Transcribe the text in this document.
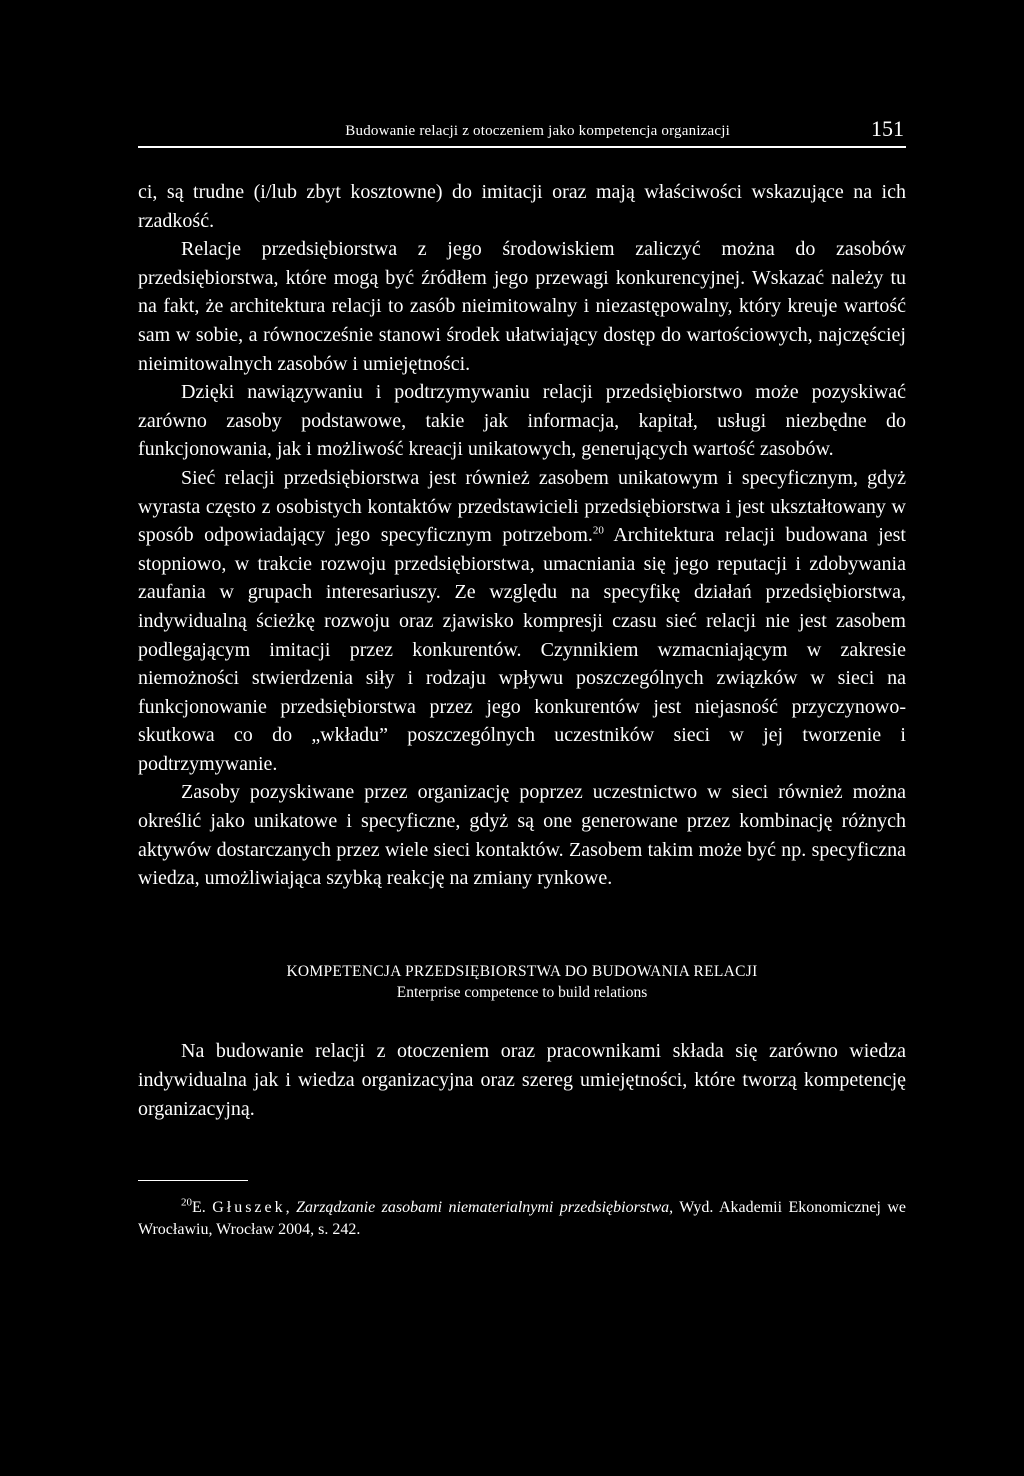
Budowanie relacji z otoczeniem jako kompetencja organizacji	151

ci, są trudne (i/lub zbyt kosztowne) do imitacji oraz mają właściwości wskazujące na ich rzadkość.

Relacje przedsiębiorstwa z jego środowiskiem zaliczyć można do zasobów przedsiębiorstwa, które mogą być źródłem jego przewagi konkurencyjnej. Wskazać należy tu na fakt, że architektura relacji to zasób nieimitowalny i niezastępowalny, który kreuje wartość sam w sobie, a równocześnie stanowi środek ułatwiający dostęp do wartościowych, najczęściej nieimitowalnych zasobów i umiejętności.

Dzięki nawiązywaniu i podtrzymywaniu relacji przedsiębiorstwo może pozyskiwać zarówno zasoby podstawowe, takie jak informacja, kapitał, usługi niezbędne do funkcjonowania, jak i możliwość kreacji unikatowych, generujących wartość zasobów.

Sieć relacji przedsiębiorstwa jest również zasobem unikatowym i specyficznym, gdyż wyrasta często z osobistych kontaktów przedstawicieli przedsiębiorstwa i jest ukształtowany w sposób odpowiadający jego specyficznym potrzebom.$^{20}$ Architektura relacji budowana jest stopniowo, w trakcie rozwoju przedsiębiorstwa, umacniania się jego reputacji i zdobywania zaufania w grupach interesariuszy. Ze względu na specyfikę działań przedsiębiorstwa, indywidualną ścieżkę rozwoju oraz zjawisko kompresji czasu sieć relacji nie jest zasobem podlegającym imitacji przez konkurentów. Czynnikiem wzmacniającym w zakresie niemożności stwierdzenia siły i rodzaju wpływu poszczególnych związków w sieci na funkcjonowanie przedsiębiorstwa przez jego konkurentów jest niejasność przyczynowo-skutkowa co do „wkładu” poszczególnych uczestników sieci w jej tworzenie i podtrzymywanie.

Zasoby pozyskiwane przez organizację poprzez uczestnictwo w sieci również można określić jako unikatowe i specyficzne, gdyż są one generowane przez kombinację różnych aktywów dostarczanych przez wiele sieci kontaktów. Zasobem takim może być np. specyficzna wiedza, umożliwiająca szybką reakcję na zmiany rynkowe.

KOMPETENCJA PRZEDSIĘBIORSTWA DO BUDOWANIA RELACJI
Enterprise competence to build relations

Na budowanie relacji z otoczeniem oraz pracownikami składa się zarówno wiedza indywidualna jak i wiedza organizacyjna oraz szereg umiejętności, które tworzą kompetencję organizacyjną.

$^{20}$E. Głuszek, Zarządzanie zasobami niematerialnymi przedsiębiorstwa, Wyd. Akademii Ekonomicznej we Wrocławiu, Wrocław 2004, s. 242.
